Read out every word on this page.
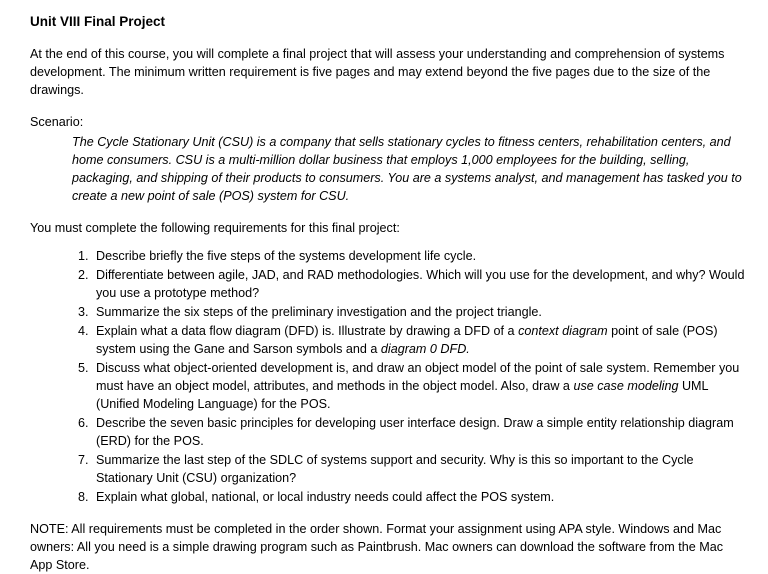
Unit VIII Final Project

At the end of this course, you will complete a final project that will assess your understanding and comprehension of systems development. The minimum written requirement is five pages and may extend beyond the five pages due to the size of the drawings.

Scenario:

The Cycle Stationary Unit (CSU) is a company that sells stationary cycles to fitness centers, rehabilitation centers, and home consumers. CSU is a multi-million dollar business that employs 1,000 employees for the building, selling, packaging, and shipping of their products to consumers. You are a systems analyst, and management has tasked you to create a new point of sale (POS) system for CSU.

You must complete the following requirements for this final project:

1. Describe briefly the five steps of the systems development life cycle.
2. Differentiate between agile, JAD, and RAD methodologies. Which will you use for the development, and why? Would you use a prototype method?
3. Summarize the six steps of the preliminary investigation and the project triangle.
4. Explain what a data flow diagram (DFD) is. Illustrate by drawing a DFD of a context diagram point of sale (POS) system using the Gane and Sarson symbols and a diagram 0 DFD.
5. Discuss what object-oriented development is, and draw an object model of the point of sale system. Remember you must have an object model, attributes, and methods in the object model. Also, draw a use case modeling UML (Unified Modeling Language) for the POS.
6. Describe the seven basic principles for developing user interface design. Draw a simple entity relationship diagram (ERD) for the POS.
7. Summarize the last step of the SDLC of systems support and security. Why is this so important to the Cycle Stationary Unit (CSU) organization?
8. Explain what global, national, or local industry needs could affect the POS system.

NOTE: All requirements must be completed in the order shown. Format your assignment using APA style. Windows and Mac owners: All you need is a simple drawing program such as Paintbrush. Mac owners can download the software from the Mac App Store.
